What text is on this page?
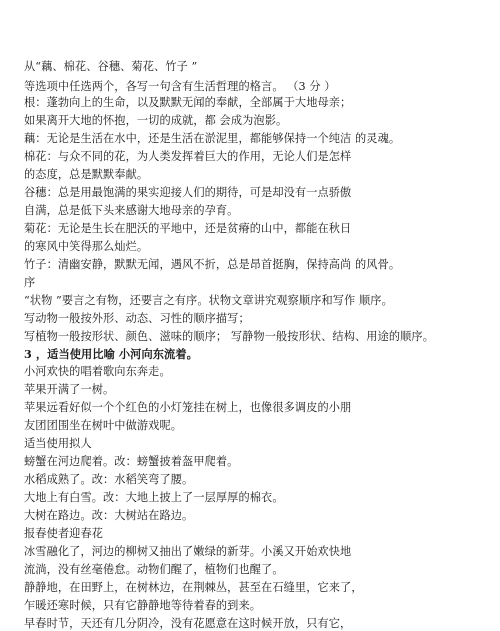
从“藕、棉花、谷穗、菊花、竹子 ”
等选项中任选两个，各写一句含有生活哲理的格言。 （3 分 ）
根：蓬勃向上的生命，以及默默无闻的奉献，全部属于大地母亲；
如果离开大地的怀抱，一切的成就，都 会成为泡影。
藕：无论是生活在水中，还是生活在淤泥里，都能够保持一个纯洁 的灵魂。
棉花：与众不同的花，为人类发挥着巨大的作用，无论人们是怎样
的态度，总是默默奉献。
谷穗：总是用最饱满的果实迎接人们的期待，可是却没有一点骄傲
自满，总是低下头来感谢大地母亲的孕育。
菊花：无论是生长在肥沃的平地中，还是贫瘠的山中，都能在秋日
的寒风中笑得那么灿烂。
竹子：清幽安静，默默无闻，遇风不折，总是昂首挺胸，保持高尚 的风骨。
序
“状物 ”要言之有物，还要言之有序。状物文章讲究观察顺序和写作 顺序。
写动物一般按外形、动态、习性的顺序描写；
写植物一般按形状、颜色、滋味的顺序； 写静物一般按形状、结构、用途的顺序。
3 ，适当使用比喻 小河向东流着。
小河欢快的唱着歌向东奔走。
苹果开满了一树。
苹果远看好似一个个红色的小灯笼挂在树上，也像很多调皮的小朋
友团团围坐在树叶中做游戏呢。
适当使用拟人
螃蟹在河边爬着。改：螃蟹披着盔甲爬着。
水稻成熟了。改：水稻笑弯了腰。
大地上有白雪。改：大地上披上了一层厚厚的棉衣。
大树在路边。改：大树站在路边。
报春使者迎春花
冰雪融化了，河边的柳树又抽出了嫩绿的新芽。小溪又开始欢快地
流淌，没有丝毫倦怠。动物们醒了，植物们也醒了。
静静地，在田野上，在树林边，在荆棘丛，甚至在石缝里，它来了，
乍暖还寒时候，只有它静静地等待着春的到来。
早春时节，天还有几分阴冷，没有花愿意在这时候开放，只有它，
